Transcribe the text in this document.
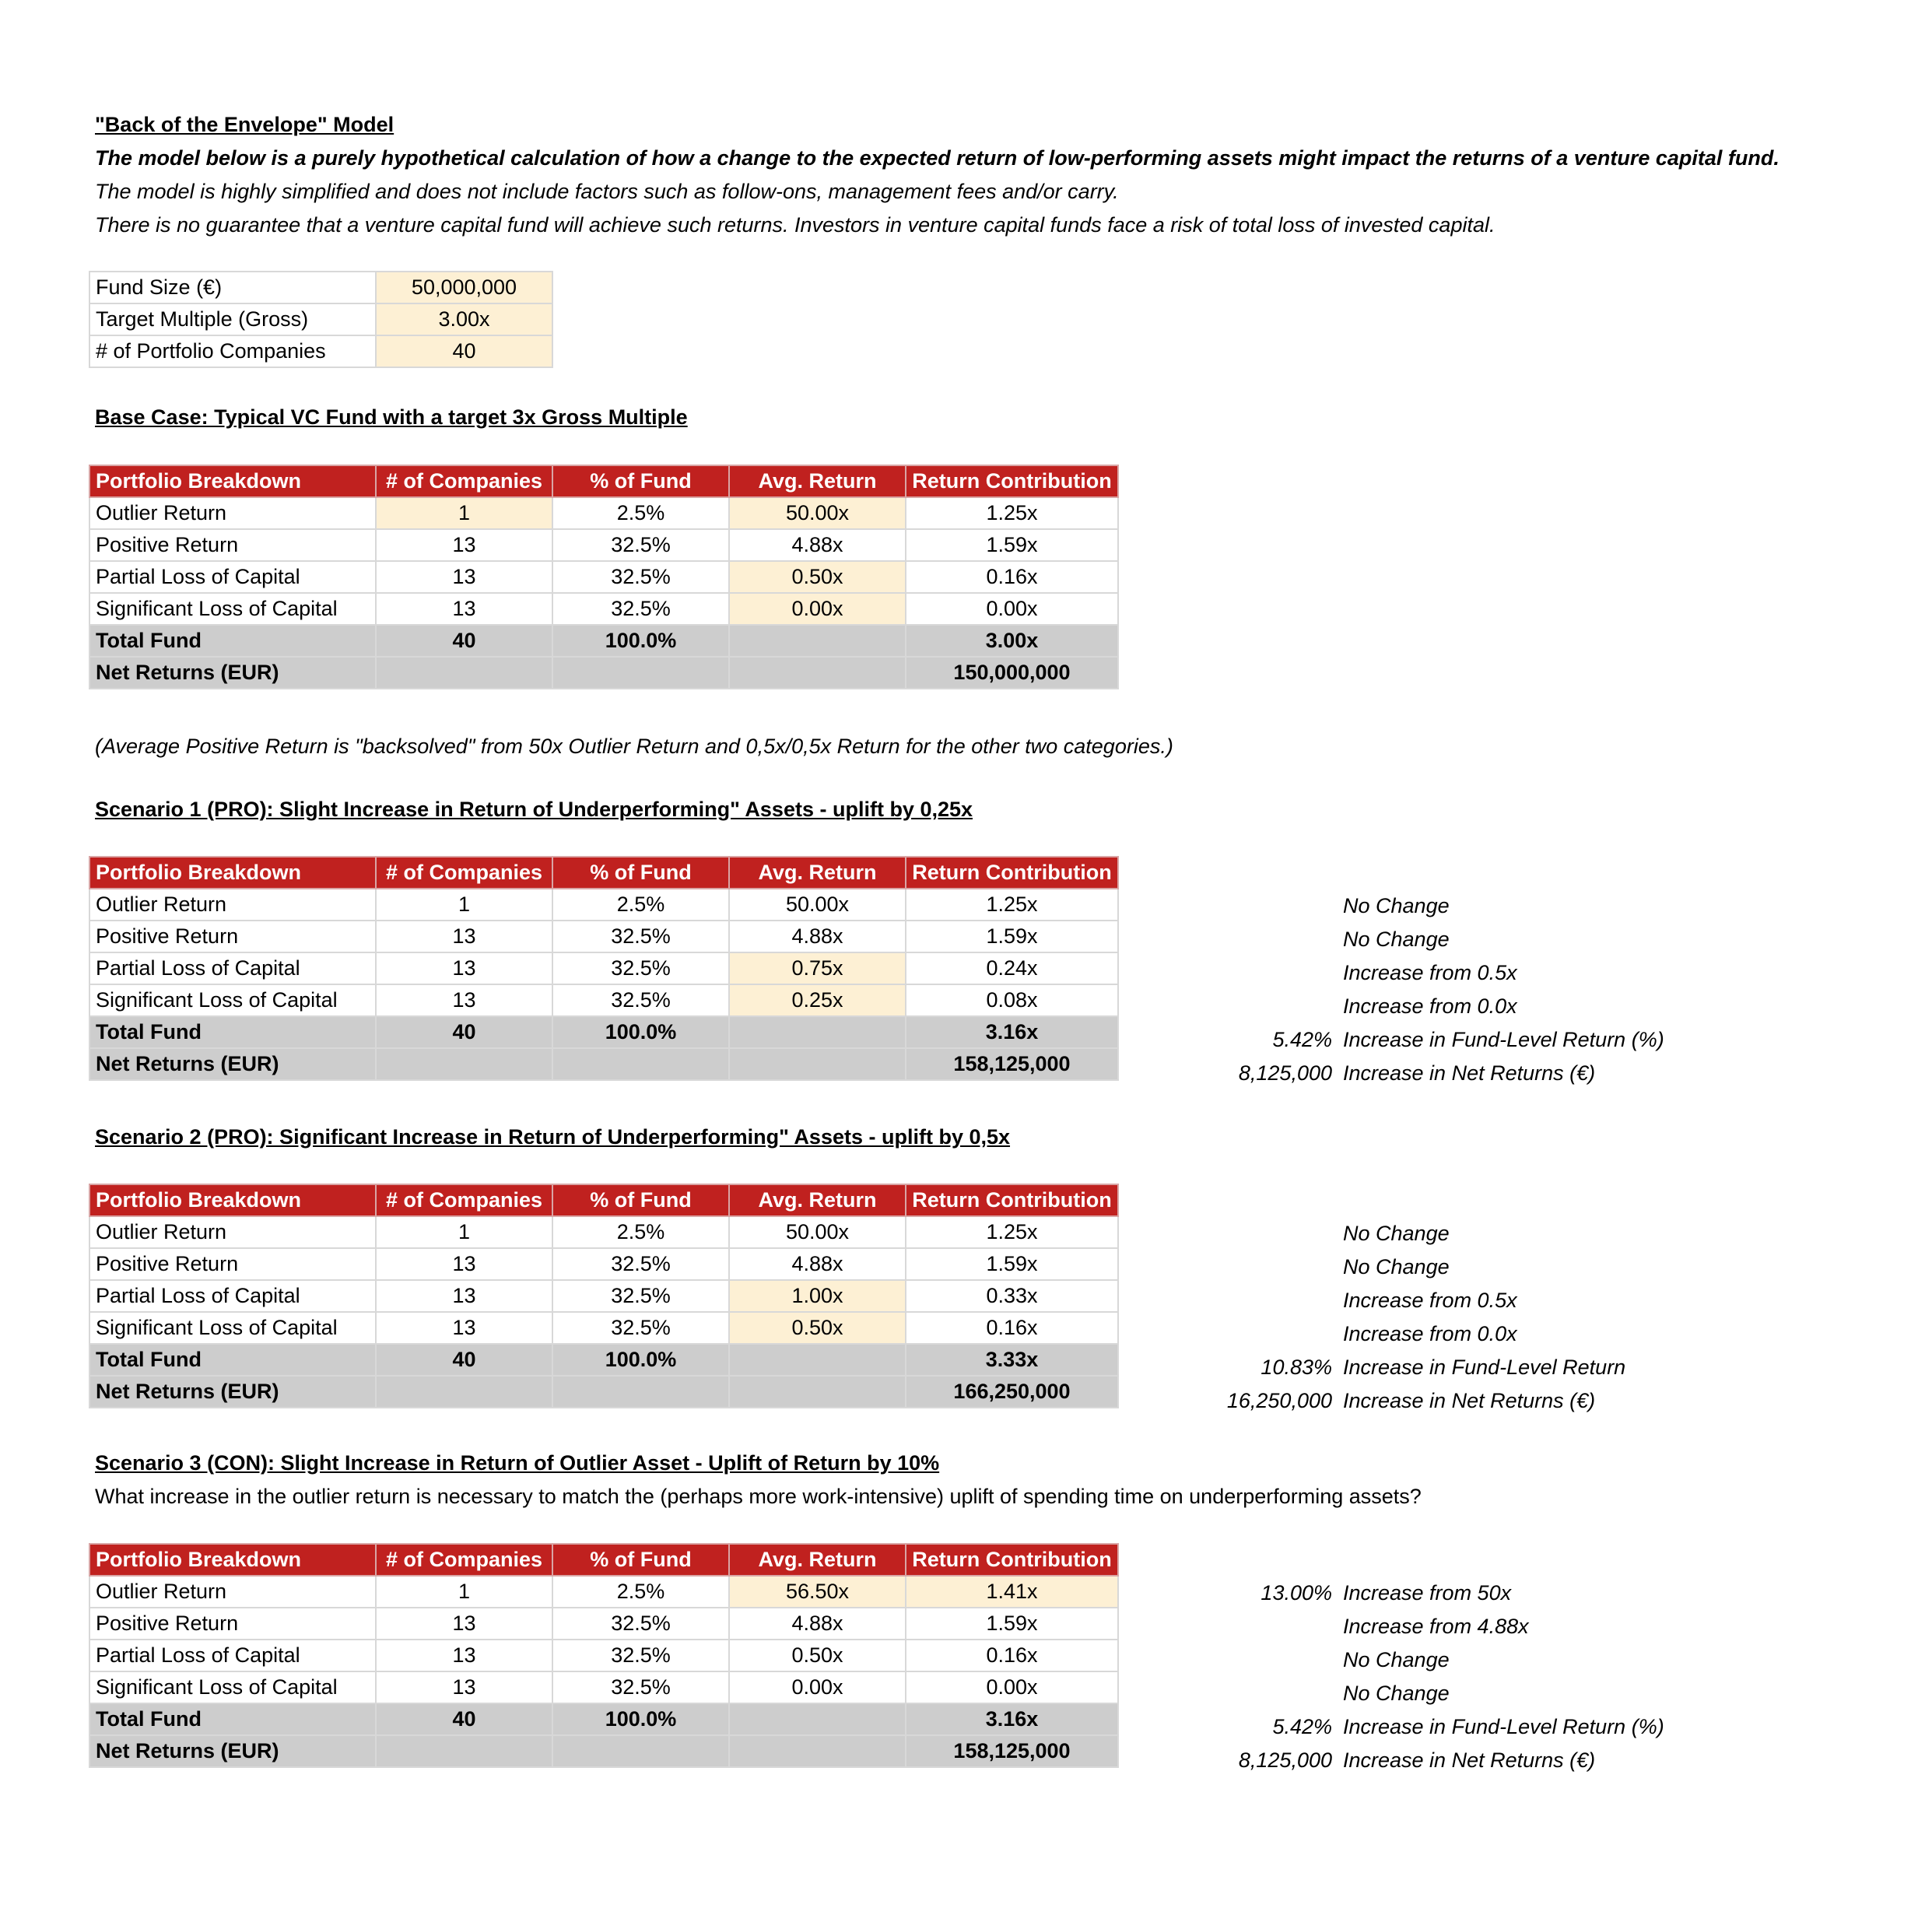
"Back of the Envelope" Model
The model below is a purely hypothetical calculation of how a change to the expected return of low-performing assets might impact the returns of a venture capital fund.
The model is highly simplified and does not include factors such as follow-ons, management fees and/or carry.
There is no guarantee that a venture capital fund will achieve such returns. Investors in venture capital funds face a risk of total loss of invested capital.
Fund Size (€)	50,000,000
Target Multiple (Gross)	3.00x
# of Portfolio Companies	40
Base Case: Typical VC Fund with a target 3x Gross Multiple
Portfolio Breakdown	# of Companies	% of Fund	Avg. Return	Return Contribution
Outlier Return	1	2.5%	50.00x	1.25x
Positive Return	13	32.5%	4.88x	1.59x
Partial Loss of Capital	13	32.5%	0.50x	0.16x
Significant Loss of Capital	13	32.5%	0.00x	0.00x
Total Fund	40	100.0%		3.00x
Net Returns (EUR)				150,000,000
(Average Positive Return is "backsolved" from 50x Outlier Return and 0,5x/0,5x Return for the other two categories.)
Scenario 1 (PRO): Slight Increase in Return of Underperforming" Assets - uplift by 0,25x
Portfolio Breakdown	# of Companies	% of Fund	Avg. Return	Return Contribution
Outlier Return	1	2.5%	50.00x	1.25x
Positive Return	13	32.5%	4.88x	1.59x
Partial Loss of Capital	13	32.5%	0.75x	0.24x
Significant Loss of Capital	13	32.5%	0.25x	0.08x
Total Fund	40	100.0%		3.16x
Net Returns (EUR)				158,125,000
Scenario 2 (PRO): Significant Increase in Return of Underperforming" Assets - uplift by 0,5x
Portfolio Breakdown	# of Companies	% of Fund	Avg. Return	Return Contribution
Outlier Return	1	2.5%	50.00x	1.25x
Positive Return	13	32.5%	4.88x	1.59x
Partial Loss of Capital	13	32.5%	1.00x	0.33x
Significant Loss of Capital	13	32.5%	0.50x	0.16x
Total Fund	40	100.0%		3.33x
Net Returns (EUR)				166,250,000
Scenario 3 (CON): Slight Increase in Return of Outlier Asset - Uplift of Return by 10%
What increase in the outlier return is necessary to match the (perhaps more work-intensive) uplift of spending time on underperforming assets?
Portfolio Breakdown	# of Companies	% of Fund	Avg. Return	Return Contribution
Outlier Return	1	2.5%	56.50x	1.41x
Positive Return	13	32.5%	4.88x	1.59x
Partial Loss of Capital	13	32.5%	0.50x	0.16x
Significant Loss of Capital	13	32.5%	0.00x	0.00x
Total Fund	40	100.0%		3.16x
Net Returns (EUR)				158,125,000
No Change
No Change
Increase from 0.5x
Increase from 0.0x
5.42% Increase in Fund-Level Return (%)
8,125,000 Increase in Net Returns (€)
No Change
No Change
Increase from 0.5x
Increase from 0.0x
10.83% Increase in Fund-Level Return
16,250,000 Increase in Net Returns (€)
13.00% Increase from 50x
Increase from 4.88x
No Change
No Change
5.42% Increase in Fund-Level Return (%)
8,125,000 Increase in Net Returns (€)
